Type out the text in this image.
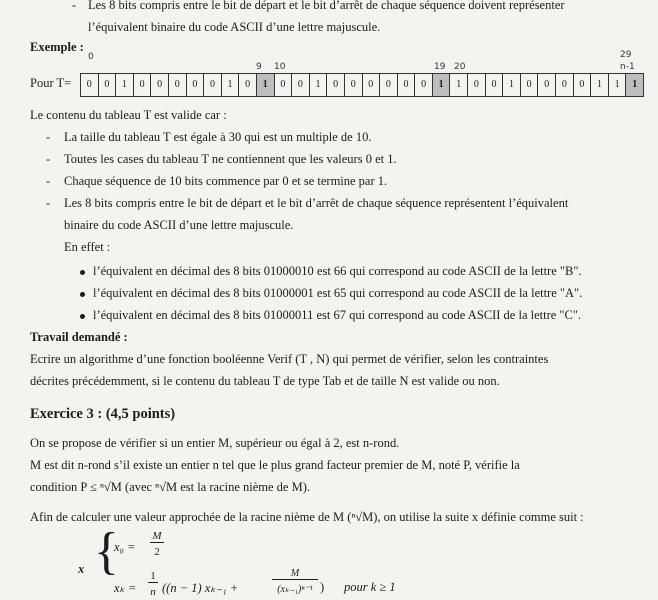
- Les 8 bits compris entre le bit de départ et le bit d’arrêt de chaque séquence doivent représenter
l’équivalent binaire du code ASCII d’une lettre majuscule.
Exemple :
0
9 10	19 20
29
n-1
Pour T= 0	0	1	0	0	0	0	0	1	0	1	0	0	1	0	0	0	0	0	0	1	1	0	0	1	0	0	0	0	1	1	1
Le contenu du tableau T est valide car :
- La taille du tableau T est égale à 30 qui est un multiple de 10.
- Toutes les cases du tableau T ne contiennent que les valeurs 0 et 1.
- Chaque séquence de 10 bits commence par 0 et se termine par 1.
- Les 8 bits compris entre le bit de départ et le bit d’arrêt de chaque séquence représentent l’équivalent
binaire du code ASCII d’une lettre majuscule.
En effet :
l’équivalent en décimal des 8 bits 01000010 est 66 qui correspond au code ASCII de la lettre "B".
l’équivalent en décimal des 8 bits 01000001 est 65 qui correspond au code ASCII de la lettre "A".
l’équivalent en décimal des 8 bits 01000011 est 67 qui correspond au code ASCII de la lettre "C".
Travail demandé :
Ecrire un algorithme d’une fonction booléenne Verif (T , N) qui permet de vérifier, selon les contraintes
décrites précédemment, si le contenu du tableau T de type Tab et de taille N est valide ou non.
Exercice 3 : (4,5 points)
On se propose de vérifier si un entier M, supérieur ou égal à 2, est n-rond.
M est dit n-rond s’il existe un entier n tel que le plus grand facteur premier de M, noté P, vérifie la
condition P ≤ ⁿ√M (avec ⁿ√M est la racine nième de M).
Afin de calculer une valeur approchée de la racine nième de M (ⁿ√M), on utilise la suite x définie comme suit :
x {
x₀ =
M
2
xₖ =
1
n ((n − 1) xₖ₋₁ +
M
(xₖ₋₁)ⁿ⁻¹ ) pour k ≥ 1
